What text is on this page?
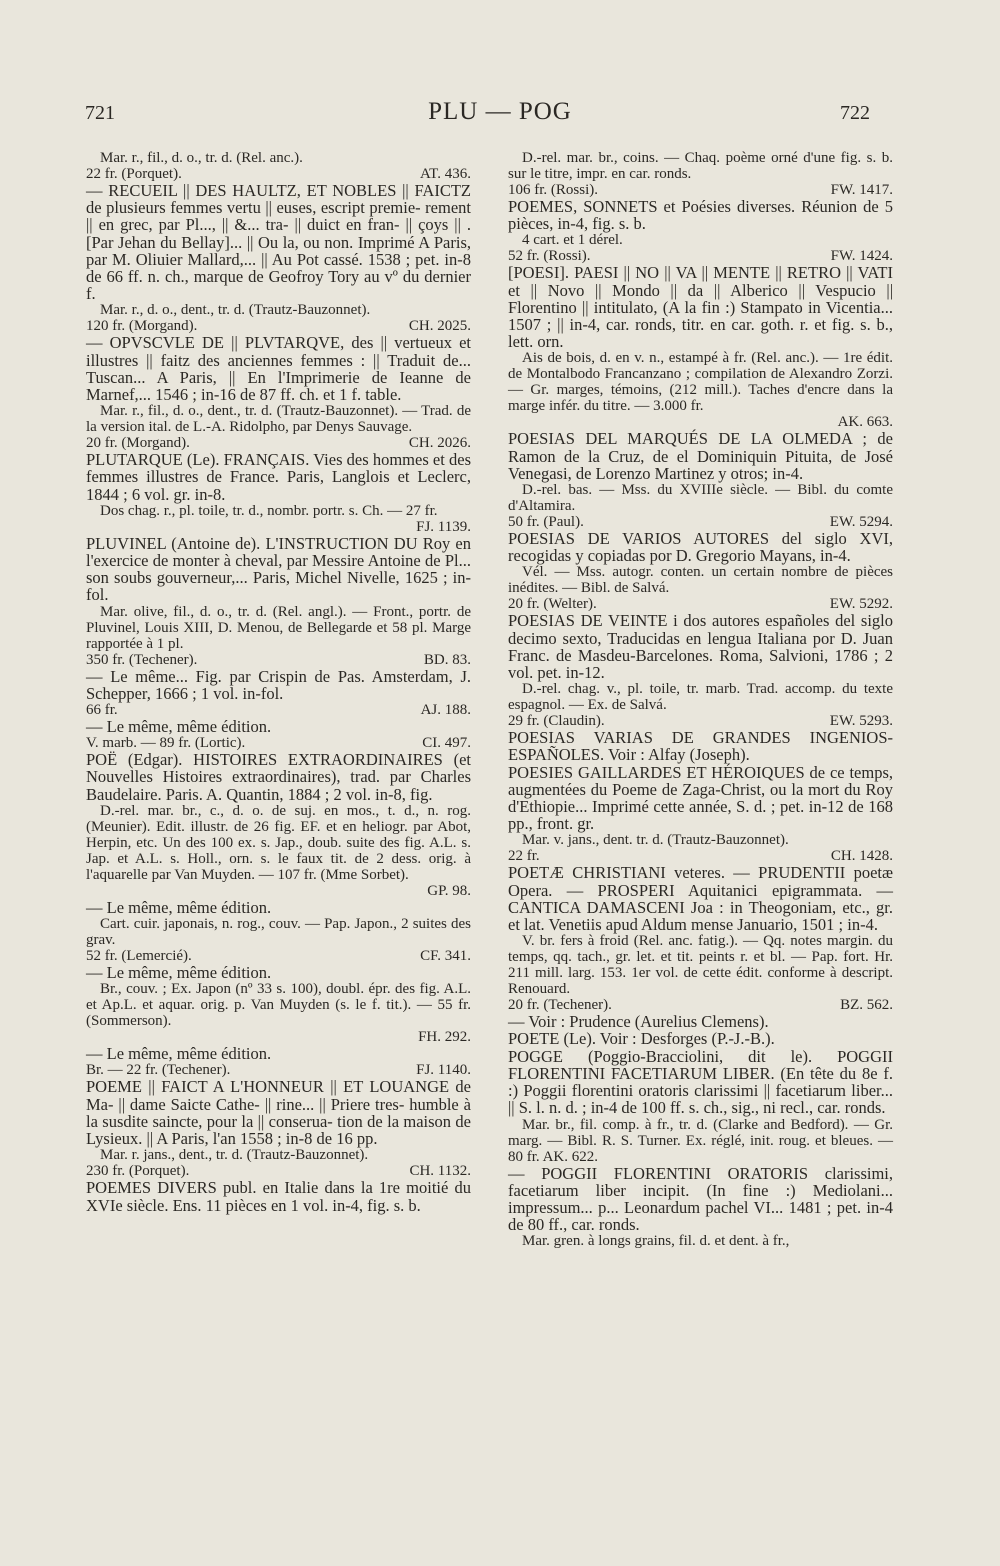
721	PLU — POG	722

Mar. r., fil., d. o., tr. d. (Rel. anc.).

22 fr. (Porquet).	AT. 436.

— RECUEIL || DES HAULTZ, ET NOBLES || FAICTZ de plusieurs femmes vertu || euses, escript premie- rement || en grec, par Pl..., || &... tra- || duict en fran- || çoys || . [Par Jehan du Bellay]... || Ou la, ou non. Imprimé A Paris, par M. Oliuier Mallard,... || Au Pot cassé. 1538 ; pet. in-8 de 66 ff. n. ch., marque de Geofroy Tory au vº du dernier f.

Mar. r., d. o., dent., tr. d. (Trautz-Bauzonnet).

120 fr. (Morgand).	CH. 2025.

— OPVSCVLE DE || PLVTARQVE, des || vertueux et illustres || faitz des anciennes femmes : || Traduit de... Tuscan... A Paris, || En l'Imprimerie de Ieanne de Marnef,... 1546 ; in-16 de 87 ff. ch. et 1 f. table.

Mar. r., fil., d. o., dent., tr. d. (Trautz-Bauzonnet). — Trad. de la version ital. de L.-A. Ridolpho, par Denys Sauvage.

20 fr. (Morgand).	CH. 2026.

PLUTARQUE (Le). FRANÇAIS. Vies des hommes et des femmes illustres de France. Paris, Langlois et Leclerc, 1844 ; 6 vol. gr. in-8.

Dos chag. r., pl. toile, tr. d., nombr. portr. s. Ch. — 27 fr.

FJ. 1139.

PLUVINEL (Antoine de). L'INSTRUCTION DU Roy en l'exercice de monter à cheval, par Messire Antoine de Pl... son soubs gouverneur,... Paris, Michel Nivelle, 1625 ; in-fol.

Mar. olive, fil., d. o., tr. d. (Rel. angl.). — Front., portr. de Pluvinel, Louis XIII, D. Menou, de Bellegarde et 58 pl. Marge rapportée à 1 pl.

350 fr. (Techener).	BD. 83.

— Le même... Fig. par Crispin de Pas. Amsterdam, J. Schepper, 1666 ; 1 vol. in-fol.

66 fr.	AJ. 188.

— Le même, même édition.

V. marb. — 89 fr. (Lortic).	CI. 497.

POË (Edgar). HISTOIRES EXTRAORDINAIRES (et Nouvelles Histoires extraordinaires), trad. par Charles Baudelaire. Paris. A. Quantin, 1884 ; 2 vol. in-8, fig.

D.-rel. mar. br., c., d. o. de suj. en mos., t. d., n. rog. (Meunier). Edit. illustr. de 26 fig. EF. et en heliogr. par Abot, Herpin, etc. Un des 100 ex. s. Jap., doub. suite des fig. A.L. s. Jap. et A.L. s. Holl., orn. s. le faux tit. de 2 dess. orig. à l'aquarelle par Van Muyden. — 107 fr. (Mme Sorbet).

GP. 98.

— Le même, même édition.

Cart. cuir. japonais, n. rog., couv. — Pap. Japon., 2 suites des grav.

52 fr. (Lemercié).	CF. 341.

— Le même, même édition.

Br., couv. ; Ex. Japon (nº 33 s. 100), doubl. épr. des fig. A.L. et Ap.L. et aquar. orig. p. Van Muyden (s. le f. tit.). — 55 fr. (Sommerson).

FH. 292.

— Le même, même édition.

Br. — 22 fr. (Techener).	FJ. 1140.

POEME || FAICT A L'HONNEUR || ET LOUANGE de Ma- || dame Saicte Cathe- || rine... || Priere tres- humble à la susdite saincte, pour la || conserua- tion de la maison de Lysieux. || A Paris, l'an 1558 ; in-8 de 16 pp.

Mar. r. jans., dent., tr. d. (Trautz-Bauzonnet).

230 fr. (Porquet).	CH. 1132.

POEMES DIVERS publ. en Italie dans la 1re moitié du XVIe siècle. Ens. 11 pièces en 1 vol. in-4, fig. s. b.

D.-rel. mar. br., coins. — Chaq. poème orné d'une fig. s. b. sur le titre, impr. en car. ronds.

106 fr. (Rossi).	FW. 1417.

POEMES, SONNETS et Poésies diverses. Réunion de 5 pièces, in-4, fig. s. b.

4 cart. et 1 dérel.

52 fr. (Rossi).	FW. 1424.

[POESI]. PAESI || NO || VA || MENTE || RETRO || VATI et || Novo || Mondo || da || Alberico || Vespucio || Florentino || intitulato, (A la fin :) Stampato in Vicentia... 1507 ; || in-4, car. ronds, titr. en car. goth. r. et fig. s. b., lett. orn.

Ais de bois, d. en v. n., estampé à fr. (Rel. anc.). — 1re édit. de Montalbodo Francanzano ; compilation de Alexandro Zorzi. — Gr. marges, témoins, (212 mill.). Taches d'encre dans la marge infér. du titre. — 3.000 fr.

AK. 663.

POESIAS DEL MARQUÉS DE LA OLMEDA ; de Ramon de la Cruz, de el Dominiquin Pituita, de José Venegasi, de Lorenzo Martinez y otros; in-4.

D.-rel. bas. — Mss. du XVIIIe siècle. — Bibl. du comte d'Altamira.

50 fr. (Paul).	EW. 5294.

POESIAS DE VARIOS AUTORES del siglo XVI, recogidas y copiadas por D. Gregorio Mayans, in-4.

Vél. — Mss. autogr. conten. un certain nombre de pièces inédites. — Bibl. de Salvá.

20 fr. (Welter).	EW. 5292.

POESIAS DE VEINTE i dos autores españoles del siglo decimo sexto, Traducidas en lengua Italiana por D. Juan Franc. de Masdeu-Barcelones. Roma, Salvioni, 1786 ; 2 vol. pet. in-12.

D.-rel. chag. v., pl. toile, tr. marb. Trad. accomp. du texte espagnol. — Ex. de Salvá.

29 fr. (Claudin).	EW. 5293.

POESIAS VARIAS DE GRANDES INGENIOS-ESPAÑOLES. Voir : Alfay (Joseph).

POESIES GAILLARDES ET HÉROIQUES de ce temps, augmentées du Poeme de Zaga-Christ, ou la mort du Roy d'Ethiopie... Imprimé cette année, S. d. ; pet. in-12 de 168 pp., front. gr.

Mar. v. jans., dent. tr. d. (Trautz-Bauzonnet).

22 fr.	CH. 1428.

POETÆ CHRISTIANI veteres. — PRUDENTII poetæ Opera. — PROSPERI Aquitanici epigrammata. — CANTICA DAMASCENI Joa : in Theogoniam, etc., gr. et lat. Venetiis apud Aldum mense Januario, 1501 ; in-4.

V. br. fers à froid (Rel. anc. fatig.). — Qq. notes margin. du temps, qq. tach., gr. let. et tit. peints r. et bl. — Pap. fort. Hr. 211 mill. larg. 153. 1er vol. de cette édit. conforme à descript. Renouard.

20 fr. (Techener).	BZ. 562.

— Voir : Prudence (Aurelius Clemens).

POETE (Le). Voir : Desforges (P.-J.-B.).

POGGE (Poggio-Bracciolini, dit le). POGGII FLORENTINI FACETIARUM LIBER. (En tête du 8e f. :) Poggii florentini oratoris clarissimi || facetiarum liber... || S. l. n. d. ; in-4 de 100 ff. s. ch., sig., ni recl., car. ronds.

Mar. br., fil. comp. à fr., tr. d. (Clarke and Bedford). — Gr. marg. — Bibl. R. S. Turner. Ex. réglé, init. roug. et bleues. — 80 fr. AK. 622.

— POGGII FLORENTINI ORATORIS clarissimi, facetiarum liber incipit. (In fine :) Mediolani... impressum... p... Leonardum pachel VI... 1481 ; pet. in-4 de 80 ff., car. ronds.

Mar. gren. à longs grains, fil. d. et dent. à fr.,
